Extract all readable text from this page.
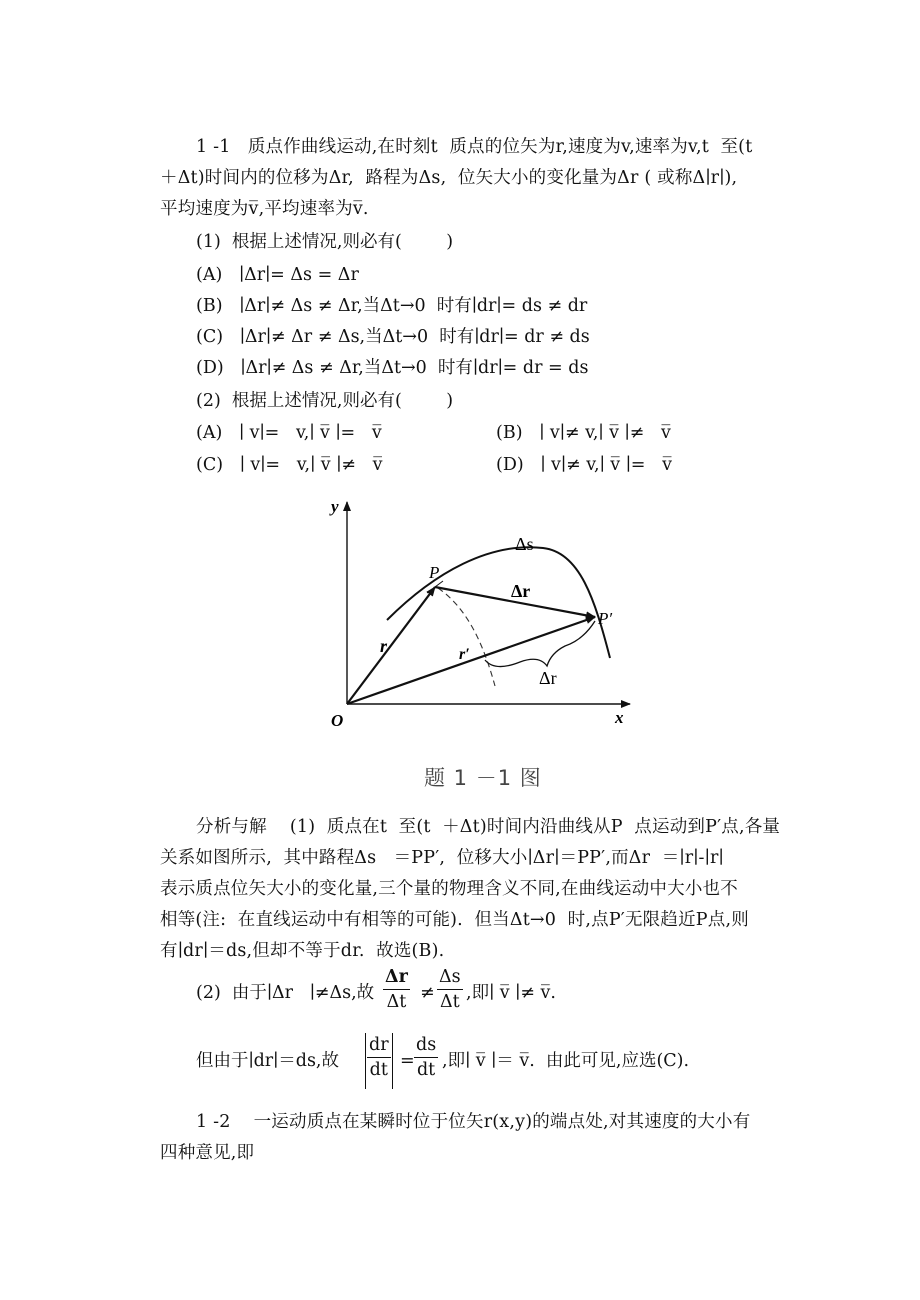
1 -1   质点作曲线运动,在时刻t  质点的位矢为r,速度为v,速率为v,t  至(t
＋Δt)时间内的位移为Δr,  路程为Δs,  位矢大小的变化量为Δr ( 或称Δ∣r∣),
平均速度为v̅,平均速率为v̅.
(1)  根据上述情况,则必有(        )
(A)   ∣Δr∣= Δs = Δr
(B)   ∣Δr∣≠ Δs ≠ Δr,当Δt→0  时有∣dr∣= ds ≠ dr
(C)   ∣Δr∣≠ Δr ≠ Δs,当Δt→0  时有∣dr∣= dr ≠ ds
(D)   ∣Δr∣≠ Δs ≠ Δr,当Δt→0  时有∣dr∣= dr = ds
(2)  根据上述情况,则必有(        )
(A)   ∣ v∣=   v,∣ v̅ ∣=   v̅	(B)   ∣ v∣≠ v,∣ v̅ ∣≠   v̅
(C)   ∣ v∣=   v,∣ v̅ ∣≠   v̅	(D)   ∣ v∣≠ v,∣ v̅ ∣=   v̅
y
x
O
P
P′
Δs
Δr
r	r′
Δr
题 1 －1 图
分析与解    (1)  质点在t  至(t  ＋Δt)时间内沿曲线从P  点运动到P′点,各量
关系如图所示,  其中路程Δs   ＝PP′,  位移大小∣Δr∣＝PP′,而Δr  ＝∣r∣-∣r∣
表示质点位矢大小的变化量,三个量的物理含义不同,在曲线运动中大小也不
相等(注:  在直线运动中有相等的可能).  但当Δt→0  时,点P′无限趋近P点,则
有∣dr∣＝ds,但却不等于dr.  故选(B).
(2)  由于∣Δr   ∣≠Δs,故 $\frac{\Delta r}{\Delta t} \ne \frac{\Delta s}{\Delta t}$ ,即∣ v̅ ∣≠ v̅.
但由于∣dr∣＝ds,故 $\frac{dr}{dt} = \frac{ds}{dt}$ ,即∣ v̅ ∣＝ v̅.  由此可见,应选(C).
1 -2    一运动质点在某瞬时位于位矢r(x,y)的端点处,对其速度的大小有
四种意见,即
